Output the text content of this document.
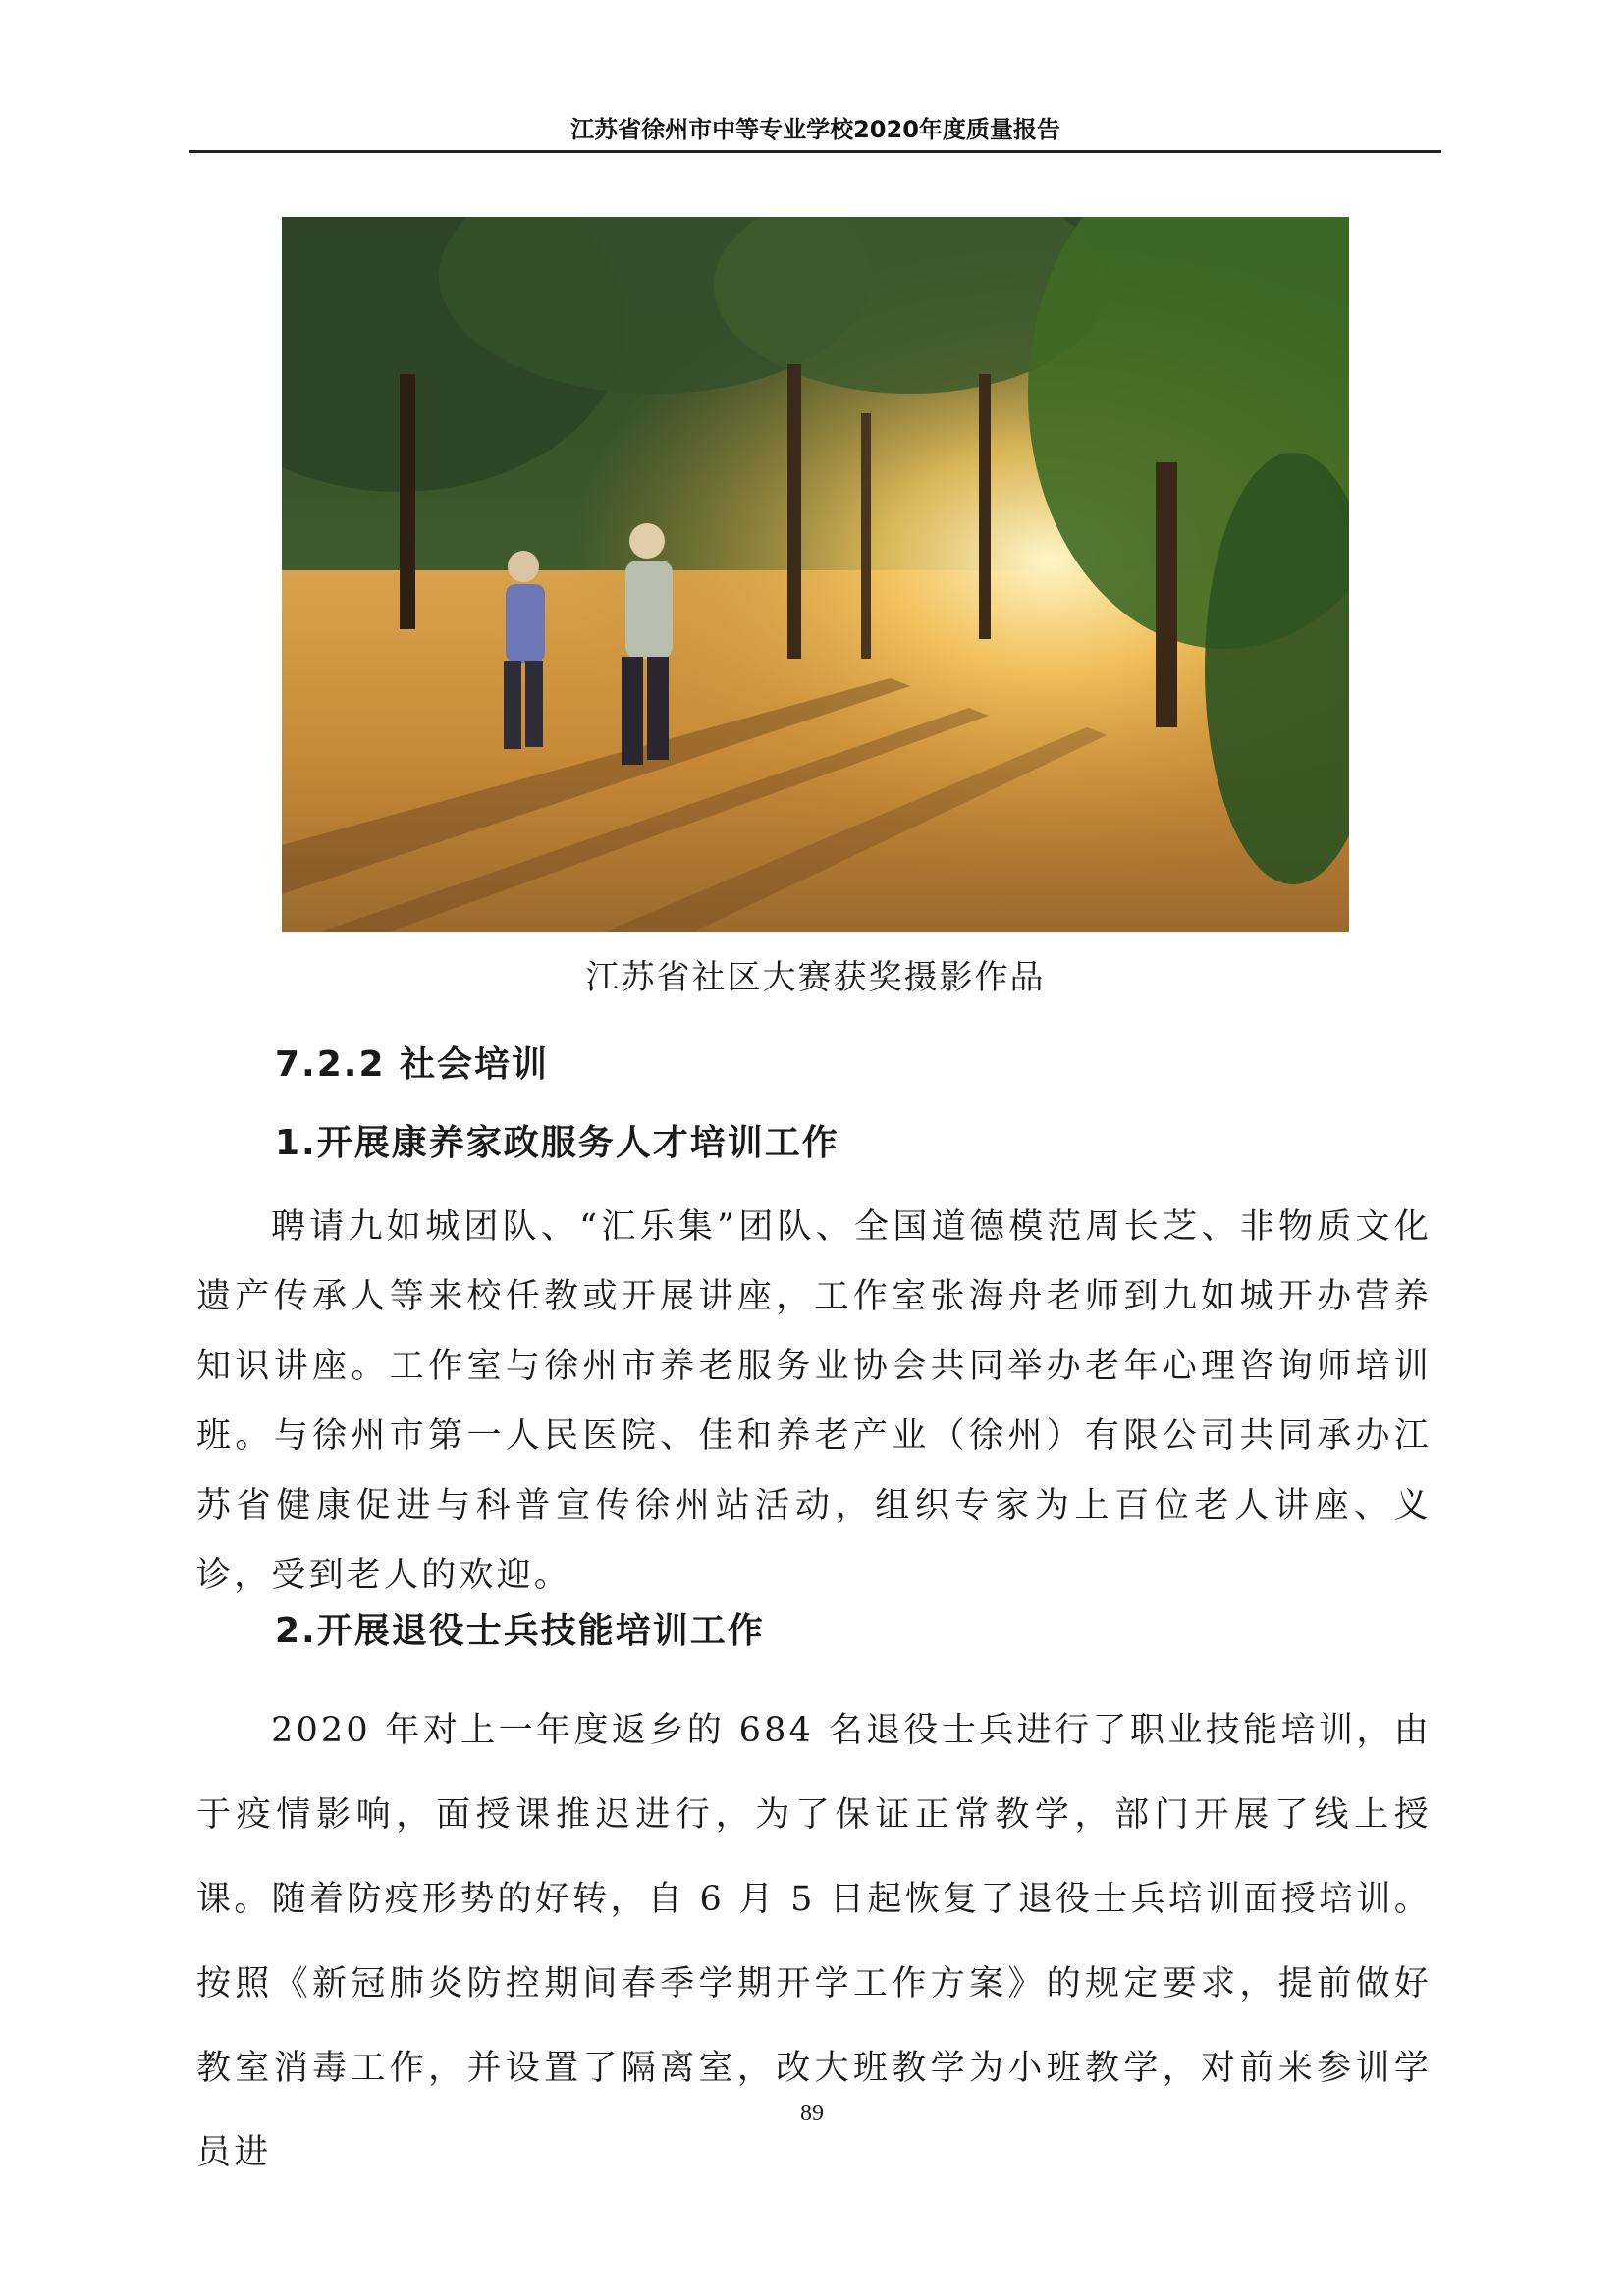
江苏省徐州市中等专业学校2020年度质量报告
江苏省社区大赛获奖摄影作品
7.2.2 社会培训
1.开展康养家政服务人才培训工作

聘请九如城团队、“汇乐集”团队、全国道德模范周长芝、非物质文化遗产传承人等来校任教或开展讲座，工作室张海舟老师到九如城开办营养知识讲座。工作室与徐州市养老服务业协会共同举办老年心理咨询师培训班。与徐州市第一人民医院、佳和养老产业（徐州）有限公司共同承办江苏省健康促进与科普宣传徐州站活动，组织专家为上百位老人讲座、义诊，受到老人的欢迎。

2.开展退役士兵技能培训工作

2020 年对上一年度返乡的 684 名退役士兵进行了职业技能培训，由于疫情影响，面授课推迟进行，为了保证正常教学，部门开展了线上授课。随着防疫形势的好转，自 6 月 5 日起恢复了退役士兵培训面授培训。按照《新冠肺炎防控期间春季学期开学工作方案》的规定要求，提前做好教室消毒工作，并设置了隔离室，改大班教学为小班教学，对前来参训学员进

89
